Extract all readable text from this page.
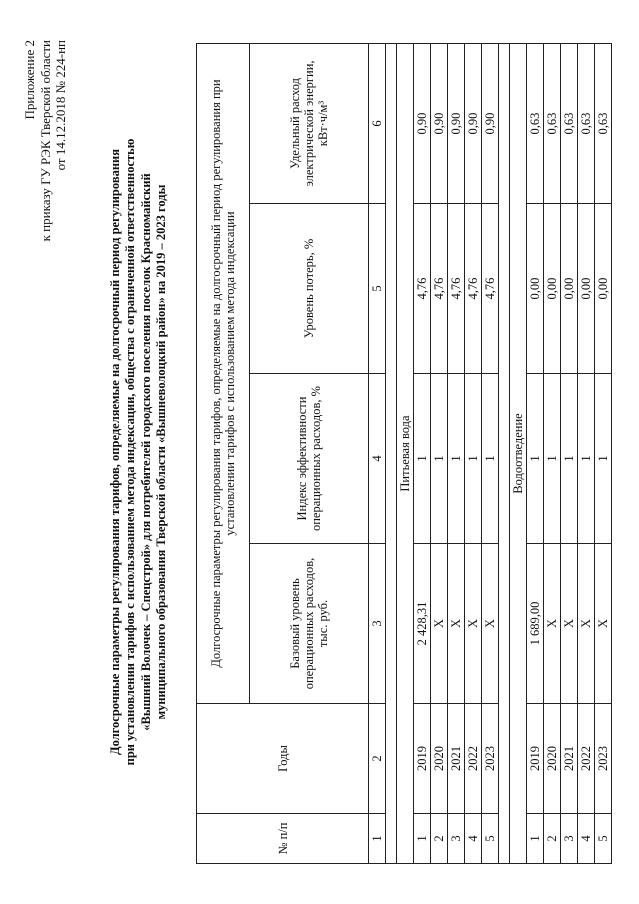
Приложение 2 к приказу ГУ РЭК Тверской области от 14.12.2018 № 224-нп
Долгосрочные параметры регулирования тарифов, определяемые на долгосрочный период регулирования при установлении тарифов с использованием метода индексации, общества с ограниченной ответственностью «Вышний Волочек – Спецстрой» для потребителей городского поселения поселок Красномайский муниципального образования Тверской области «Вышневолоцкий район» на 2019 – 2023 годы
№ п/п	Годы	Долгосрочные параметры регулирования тарифов, определяемые на долгосрочный период регулирования при установлении тарифов с использованием метода индексации			
		Базовый уровень операционных расходов, тыс. руб.	Индекс эффективности операционных расходов, %	Уровень потерь, %	Удельный расход электрической энергии, кВт·ч/м³
1	2	3	4	5	6

Питьевая вода					
1	2019	2 428,31	1	4,76	0,90
2	2020	X	1	4,76	0,90
3	2021	X	1	4,76	0,90
4	2022	X	1	4,76	0,90
5	2023	X	1	4,76	0,90

Водоотведение					
1	2019	1 689,00	1	0,00	0,63
2	2020	X	1	0,00	0,63
3	2021	X	1	0,00	0,63
4	2022	X	1	0,00	0,63
5	2023	X	1	0,00	0,63
